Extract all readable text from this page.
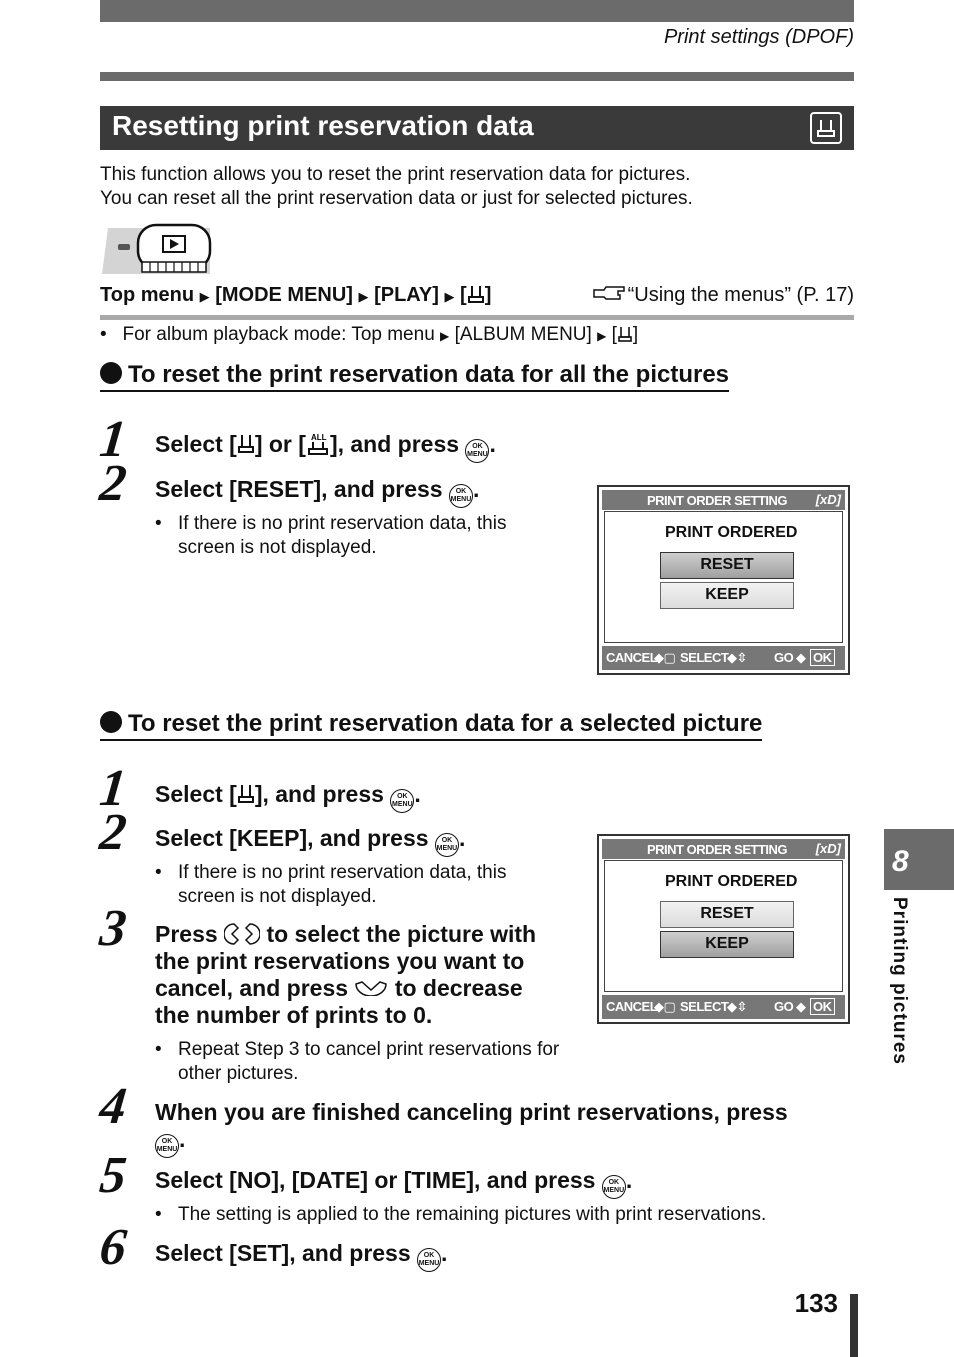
Print settings (DPOF)
Resetting print reservation data
This function allows you to reset the print reservation data for pictures.
You can reset all the print reservation data or just for selected pictures.
Top menu ▶ [MODE MENU] ▶ [PLAY] ▶ [ ]	“Using the menus” (P. 17)
• For album playback mode: Top menu ▶ [ALBUM MENU] ▶ [ ]
To reset the print reservation data for all the pictures
1 Select [ ] or [ ALL ], and press OK
MENU.
2 Select [RESET], and press OK
MENU.
• If there is no print reservation data, this screen is not displayed.
PRINT ORDER SETTING [xD]
PRINT ORDERED
RESET
KEEP
CANCEL
◆▢ SELECT
◆⇳ GO ◆ OK
To reset the print reservation data for a selected picture
1 Select [ ], and press OK
MENU.
2 Select [KEEP], and press OK
MENU.
• If there is no print reservation data, this screen is not displayed.
3 Press to select the picture with the print reservations you want to cancel, and press to decrease the number of prints to 0.
• Repeat Step 3 to cancel print reservations for other pictures.
PRINT ORDER SETTING [xD]
PRINT ORDERED
RESET
KEEP
CANCEL
◆▢ SELECT
◆⇳ GO ◆ OK
4 When you are finished canceling print reservations, press
OK
MENU.
5 Select [NO], [DATE] or [TIME], and press OK
MENU.
• The setting is applied to the remaining pictures with print reservations.
6 Select [SET], and press OK
MENU.
8
Printing pictures
133
